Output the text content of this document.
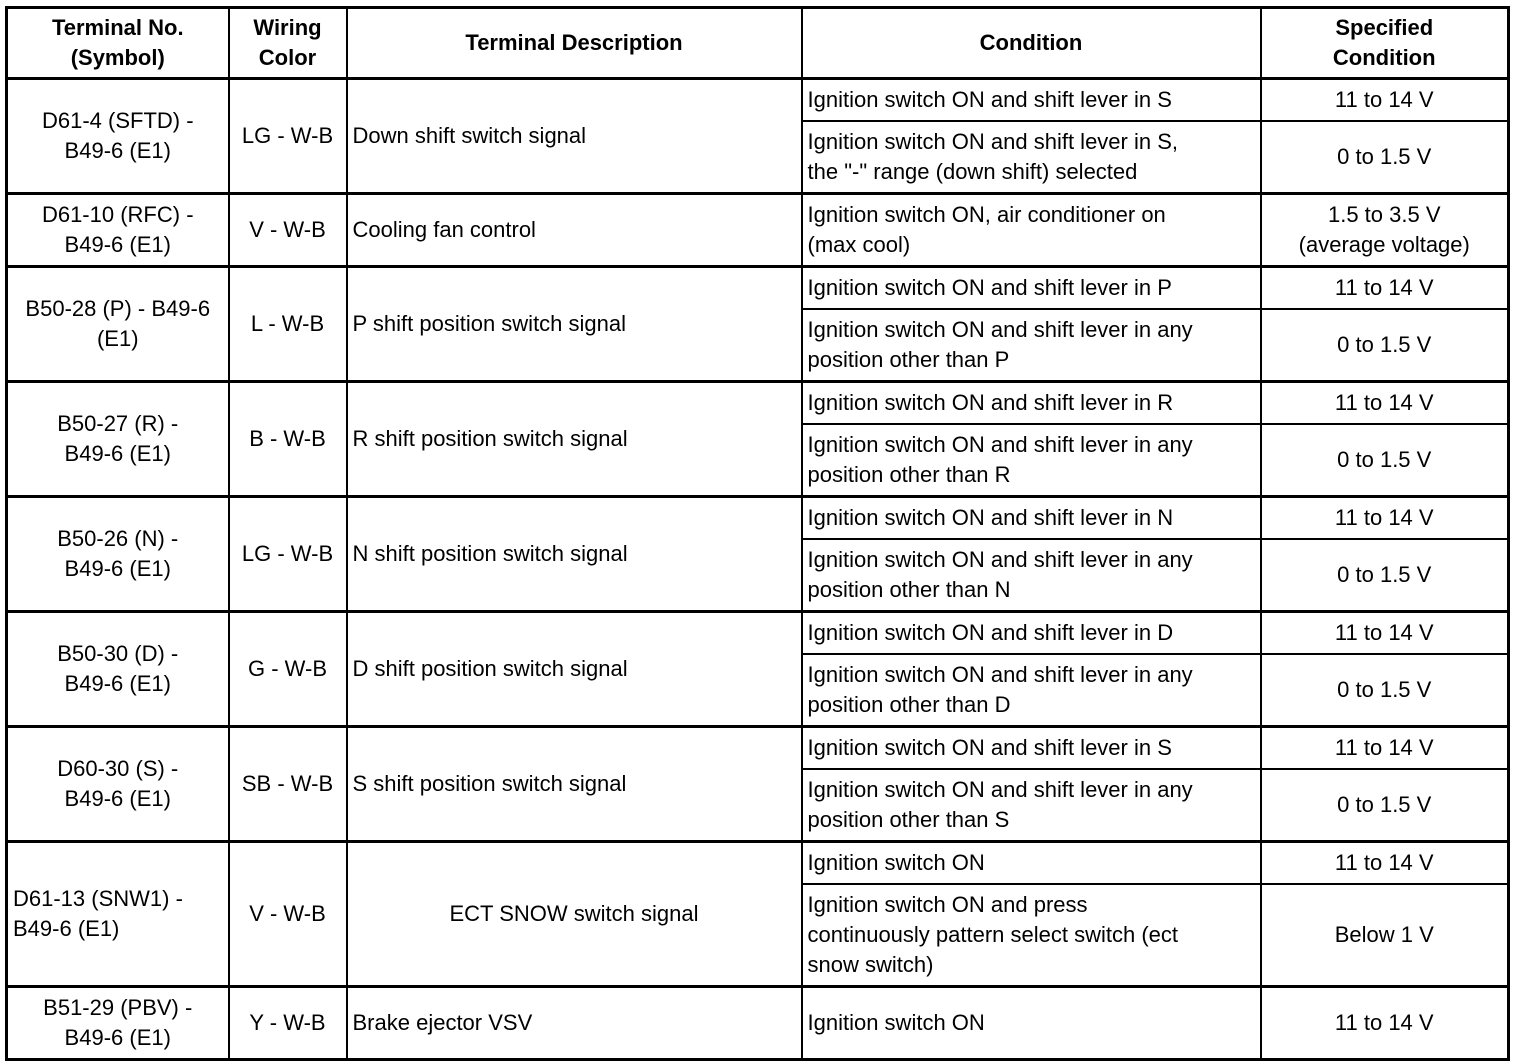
Terminal No.
(Symbol)	Wiring
Color	Terminal Description	Condition	Specified
Condition

D61-4 (SFTD) -
B49-6 (E1)	LG - W-B	Down shift switch signal	Ignition switch ON and shift lever in S	11 to 14 V

			Ignition switch ON and shift lever in S,
the "-" range (down shift) selected	0 to 1.5 V

D61-10 (RFC) -
B49-6 (E1)	V - W-B	Cooling fan control	Ignition switch ON, air conditioner on
(max cool)	1.5 to 3.5 V
(average voltage)

B50-28 (P) - B49-6
(E1)	L - W-B	P shift position switch signal	Ignition switch ON and shift lever in P	11 to 14 V

			Ignition switch ON and shift lever in any
position other than P	0 to 1.5 V

B50-27 (R) -
B49-6 (E1)	B - W-B	R shift position switch signal	Ignition switch ON and shift lever in R	11 to 14 V

			Ignition switch ON and shift lever in any
position other than R	0 to 1.5 V

B50-26 (N) -
B49-6 (E1)	LG - W-B	N shift position switch signal	Ignition switch ON and shift lever in N	11 to 14 V

			Ignition switch ON and shift lever in any
position other than N	0 to 1.5 V

B50-30 (D) -
B49-6 (E1)	G - W-B	D shift position switch signal	Ignition switch ON and shift lever in D	11 to 14 V

			Ignition switch ON and shift lever in any
position other than D	0 to 1.5 V

D60-30 (S) -
B49-6 (E1)	SB - W-B	S shift position switch signal	Ignition switch ON and shift lever in S	11 to 14 V

			Ignition switch ON and shift lever in any
position other than S	0 to 1.5 V

D61-13 (SNW1) -
B49-6 (E1)	V - W-B	ECT SNOW switch signal	Ignition switch ON	11 to 14 V

			Ignition switch ON and press
continuously pattern select switch (ect
snow switch)	Below 1 V

B51-29 (PBV) -
B49-6 (E1)	Y - W-B	Brake ejector VSV	Ignition switch ON	11 to 14 V
